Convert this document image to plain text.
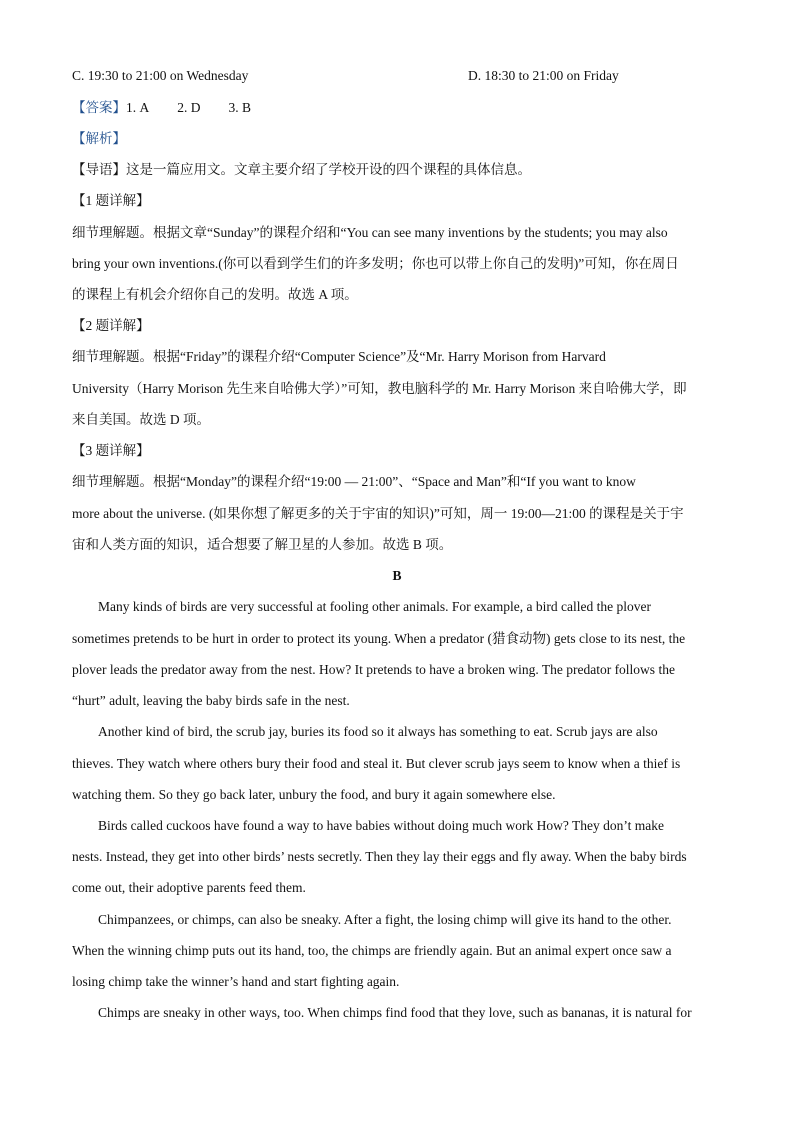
C. 19:30 to 21:00 on Wednesday	D. 18:30 to 21:00 on Friday
【答案】1. A 2. D 3. B
【解析】
【导语】这是一篇应用文。文章主要介绍了学校开设的四个课程的具体信息。
【1 题详解】
细节理解题。根据文章“Sunday”的课程介绍和“You can see many inventions by the students; you may also
bring your own inventions.(你可以看到学生们的许多发明；你也可以带上你自己的发明)”可知，你在周日
的课程上有机会介绍你自己的发明。故选 A 项。
【2 题详解】
细节理解题。根据“Friday”的课程介绍“Computer Science”及“Mr. Harry Morison from Harvard
University（Harry Morison 先生来自哈佛大学）”可知，教电脑科学的 Mr. Harry Morison 来自哈佛大学，即
来自美国。故选 D 项。
【3 题详解】
细节理解题。根据“Monday”的课程介绍“19:00 — 21:00”、“Space and Man”和“If you want to know
more about the universe. (如果你想了解更多的关于宇宙的知识)”可知，周一 19:00—21:00 的课程是关于宇
宙和人类方面的知识，适合想要了解卫星的人参加。故选 B 项。
B
Many kinds of birds are very successful at fooling other animals. For example, a bird called the plover
sometimes pretends to be hurt in order to protect its young. When a predator (猎食动物) gets close to its nest, the
plover leads the predator away from the nest. How? It pretends to have a broken wing. The predator follows the
“hurt” adult, leaving the baby birds safe in the nest.
Another kind of bird, the scrub jay, buries its food so it always has something to eat. Scrub jays are also
thieves. They watch where others bury their food and steal it. But clever scrub jays seem to know when a thief is
watching them. So they go back later, unbury the food, and bury it again somewhere else.
Birds called cuckoos have found a way to have babies without doing much work How? They don’t make
nests. Instead, they get into other birds’ nests secretly. Then they lay their eggs and fly away. When the baby birds
come out, their adoptive parents feed them.
Chimpanzees, or chimps, can also be sneaky. After a fight, the losing chimp will give its hand to the other.
When the winning chimp puts out its hand, too, the chimps are friendly again. But an animal expert once saw a
losing chimp take the winner’s hand and start fighting again.
Chimps are sneaky in other ways, too. When chimps find food that they love, such as bananas, it is natural for
